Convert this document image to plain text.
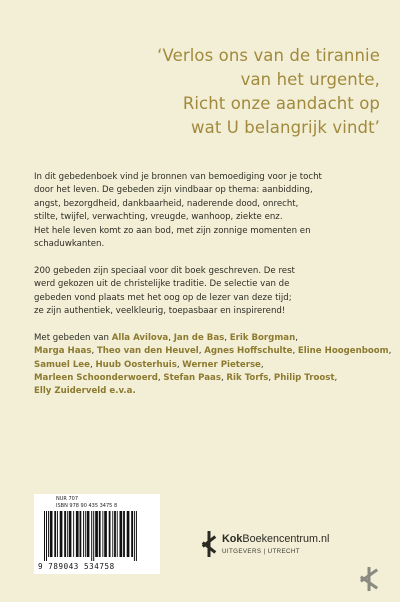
‘Verlos ons van de tirannie
van het urgente,
Richt onze aandacht op
wat U belangrijk vindt’
In dit gebedenboek vind je bronnen van bemoediging voor je tocht
door het leven. De gebeden zijn vindbaar op thema: aanbidding,
angst, bezorgdheid, dankbaarheid, naderende dood, onrecht,
stilte, twijfel, verwachting, vreugde, wanhoop, ziekte enz.
Het hele leven komt zo aan bod, met zijn zonnige momenten en
schaduwkanten.
200 gebeden zijn speciaal voor dit boek geschreven. De rest
werd gekozen uit de christelijke traditie. De selectie van de
gebeden vond plaats met het oog op de lezer van deze tijd;
ze zijn authentiek, veelkleurig, toepasbaar en inspirerend!
Met gebeden van Alla Avilova, Jan de Bas, Erik Borgman,
Marga Haas, Theo van den Heuvel, Agnes Hoffschulte, Eline Hoogenboom,
Samuel Lee, Huub Oosterhuis, Werner Pieterse,
Marleen Schoonderwoerd, Stefan Paas, Rik Torfs, Philip Troost,
Elly Zuiderveld e.v.a.
NUR 707
ISBN 978 90 435 3475 8
9 789043 534758
KokBoekencentrum.nl
UITGEVERS | UTRECHT
